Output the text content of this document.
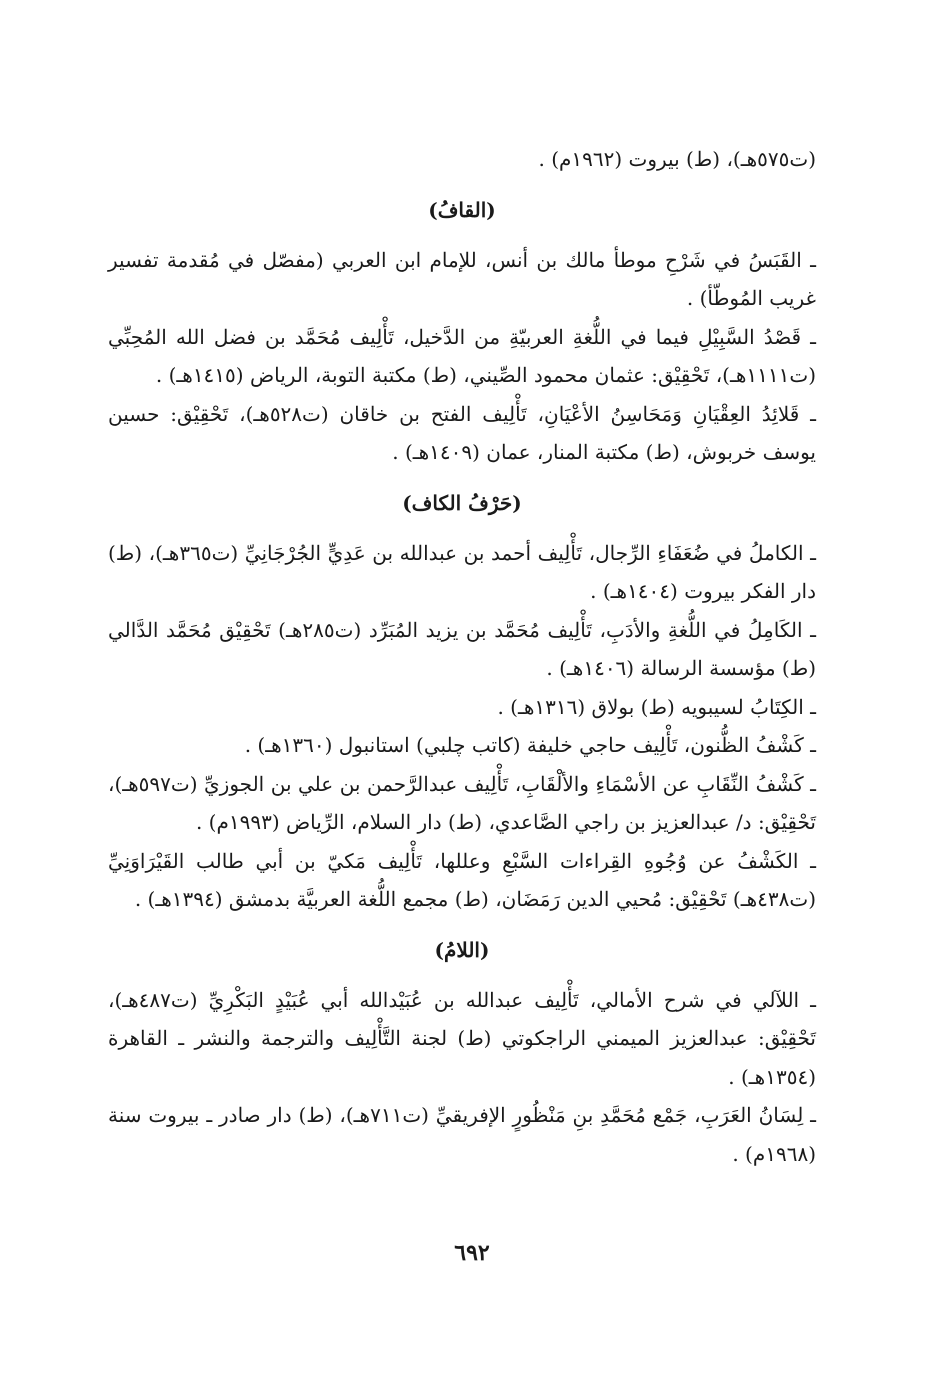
(ت٥٧٥هـ)، (ط) بيروت (١٩٦٢م) .

(القافُ)

ـ القَبَسُ في شَرْحِ موطأ مالك بن أنس، للإمام ابن العربي (مفصّل في مُقدمة تفسير غريب المُوطّأ) .

ـ قَصْدُ السَّبِيْلِ فيما في اللُّغةِ العربيّةِ من الدَّخيل، تَأْلِيف مُحَمَّد بن فضل الله المُحِبِّي (ت١١١١هـ)، تَحْقِيْق: عثمان محمود الصِّيني، (ط) مكتبة التوبة، الرياض (١٤١٥هـ) .

ـ قَلائِدُ العِقْيَانِ وَمَحَاسِنُ الأعْيَانِ، تَأْلِيف الفتح بن خاقان (ت٥٢٨هـ)، تَحْقِيْق: حسين يوسف خربوش، (ط) مكتبة المنار، عمان (١٤٠٩هـ) .

(حَرْفُ الكاف)

ـ الكاملُ في ضُعَفَاءِ الرِّجال، تَأْلِيف أحمد بن عبدالله بن عَدِيٍّ الجُرْجَانِيِّ (ت٣٦٥هـ)، (ط) دار الفكر بيروت (١٤٠٤هـ) .

ـ الكَامِلُ في اللُّغةِ والأدَبِ، تَأْلِيف مُحَمَّد بن يزيد المُبَرِّد (ت٢٨٥هـ) تَحْقِيْق مُحَمَّد الدَّالي (ط) مؤسسة الرسالة (١٤٠٦هـ) .

ـ الكِتَابُ لسيبويه (ط) بولاق (١٣١٦هـ) .

ـ كَشْفُ الظُّنون، تَأْلِيف حاجي خليفة (كاتب چلبي) استانبول (١٣٦٠هـ) .

ـ كَشْفُ النِّقَابِ عن الأسْمَاءِ والألْقَابِ، تَأْلِيف عبدالرَّحمن بن علي بن الجوزيِّ (ت٥٩٧هـ)، تَحْقِيْق: د/ عبدالعزيز بن راجي الصَّاعدي، (ط) دار السلام، الرِّياض (١٩٩٣م) .

ـ الكَشْفُ عن وُجُوهِ القِراءات السَّبْعِ وعللها، تَأْلِيف مَكيّ بن أبي طالب القَيْرَاوَنِيِّ (ت٤٣٨هـ) تَحْقِيْق: مُحيي الدين رَمَضَان، (ط) مجمع اللُّغة العربيَّة بدمشق (١٣٩٤هـ) .

(اللامُ)

ـ اللآلي في شرح الأمالي، تَأْلِيف عبدالله بن عُبَيْدالله أبي عُبَيْدٍ البَكْرِيِّ (ت٤٨٧هـ)، تَحْقِيْق: عبدالعزيز الميمني الراجكوتي (ط) لجنة التَّأْلِيف والترجمة والنشر ـ القاهرة (١٣٥٤هـ) .

ـ لِسَانُ العَرَبِ، جَمْع مُحَمَّدِ بنِ مَنْظُورٍ الإفريقيِّ (ت٧١١هـ)، (ط) دار صادر ـ بيروت سنة (١٩٦٨م) .

٦٩٢
